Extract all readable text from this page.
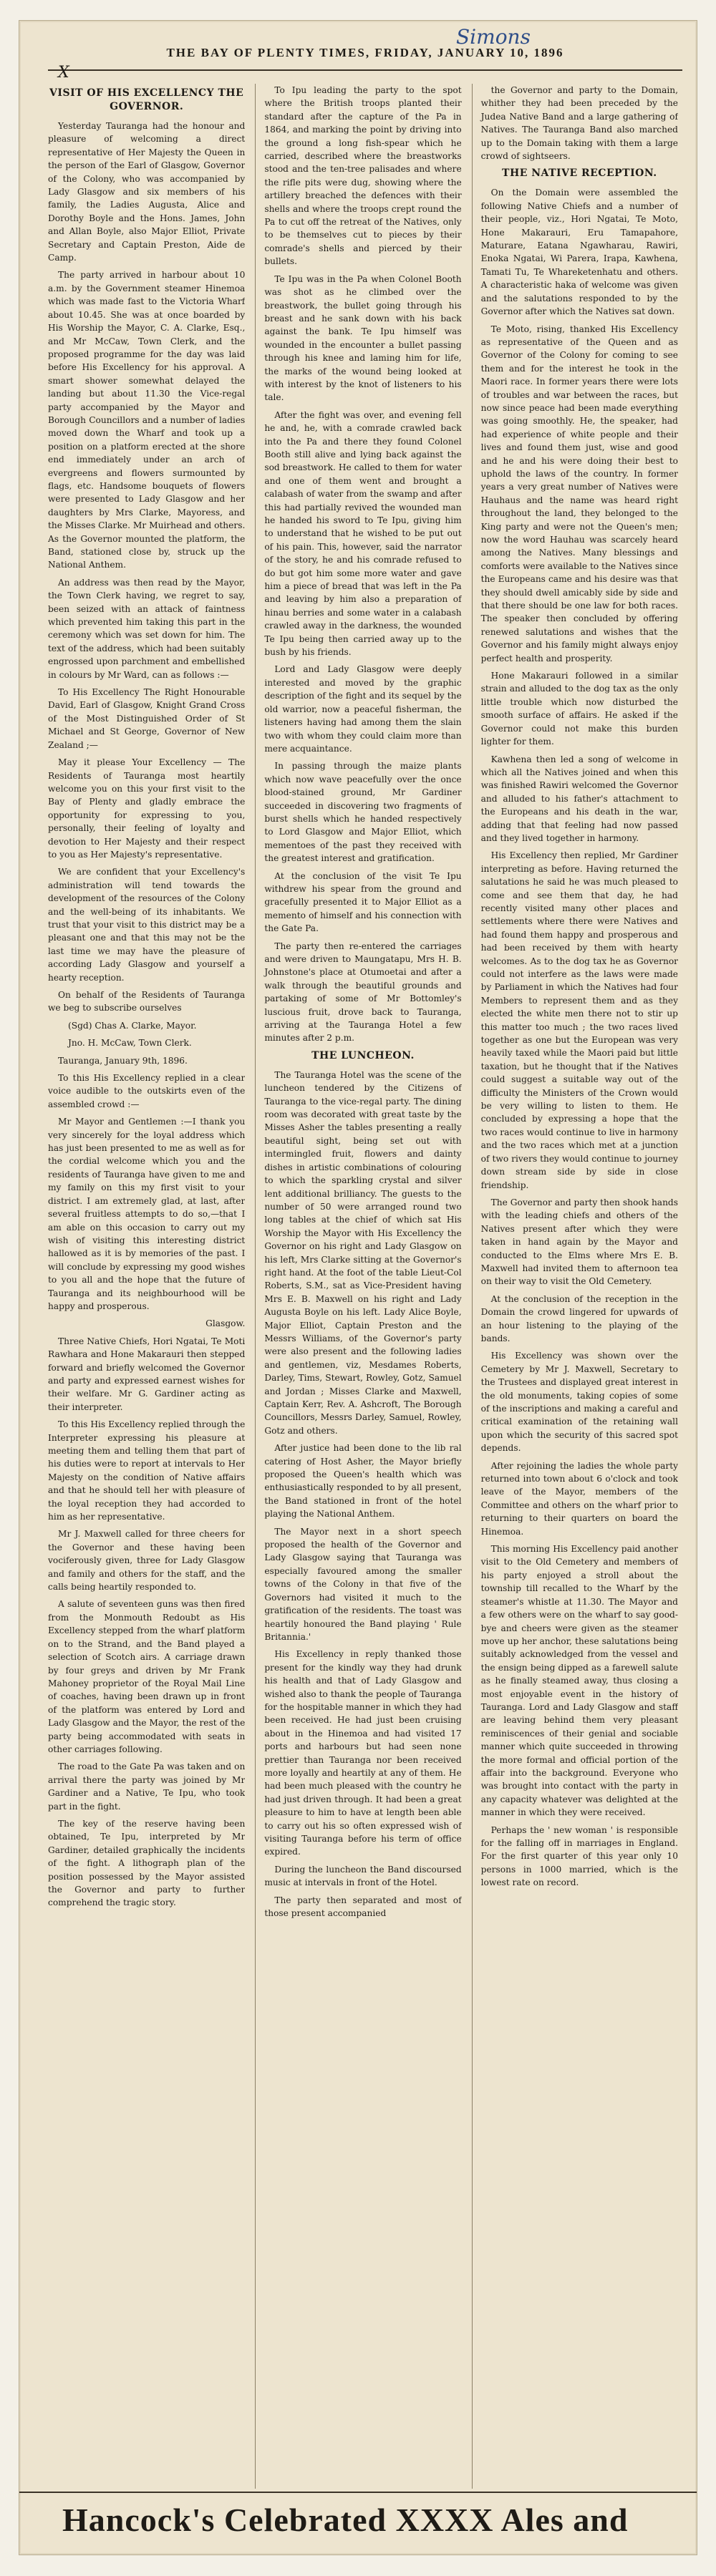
Simons
THE BAY OF PLENTY TIMES, FRIDAY, JANUARY 10, 1896
X
VISIT OF HIS EXCELLENCY THE GOVERNOR.

Yesterday Tauranga had the honour and pleasure of welcoming a direct representative of Her Majesty the Queen in the person of the Earl of Glasgow, Governor of the Colony, who was accompanied by Lady Glasgow and six members of his family, the Ladies Augusta, Alice and Dorothy Boyle and the Hons. James, John and Allan Boyle, also Major Elliot, Private Secretary and Captain Preston, Aide de Camp.

The party arrived in harbour about 10 a.m. by the Government steamer Hinemoa which was made fast to the Victoria Wharf about 10.45. She was at once boarded by His Worship the Mayor, C. A. Clarke, Esq., and Mr McCaw, Town Clerk, and the proposed programme for the day was laid before His Excellency for his approval. A smart shower somewhat delayed the landing but about 11.30 the Vice-regal party accompanied by the Mayor and Borough Councillors and a number of ladies moved down the Wharf and took up a position on a platform erected at the shore end immediately under an arch of evergreens and flowers surmounted by flags, etc. Handsome bouquets of flowers were presented to Lady Glasgow and her daughters by Mrs Clarke, Mayoress, and the Misses Clarke. Mr Muirhead and others. As the Governor mounted the platform, the Band, stationed close by, struck up the National Anthem.

An address was then read by the Mayor, the Town Clerk having, we regret to say, been seized with an attack of faintness which prevented him taking this part in the ceremony which was set down for him. The text of the address, which had been suitably engrossed upon parchment and embellished in colours by Mr Ward, can as follows :—

To His Excellency The Right Honourable David, Earl of Glasgow, Knight Grand Cross of the Most Distinguished Order of St Michael and St George, Governor of New Zealand ;—

May it please Your Excellency — The Residents of Tauranga most heartily welcome you on this your first visit to the Bay of Plenty and gladly embrace the opportunity for expressing to you, personally, their feeling of loyalty and devotion to Her Majesty and their respect to you as Her Majesty's representative.

We are confident that your Excellency's administration will tend towards the development of the resources of the Colony and the well-being of its inhabitants. We trust that your visit to this district may be a pleasant one and that this may not be the last time we may have the pleasure of according Lady Glasgow and yourself a hearty reception.

On behalf of the Residents of Tauranga we beg to subscribe ourselves

(Sgd) Chas A. Clarke, Mayor.

Jno. H. McCaw, Town Clerk.

Tauranga, January 9th, 1896.

To this His Excellency replied in a clear voice audible to the outskirts even of the assembled crowd :—

Mr Mayor and Gentlemen :—I thank you very sincerely for the loyal address which has just been presented to me as well as for the cordial welcome which you and the residents of Tauranga have given to me and my family on this my first visit to your district. I am extremely glad, at last, after several fruitless attempts to do so,—that I am able on this occasion to carry out my wish of visiting this interesting district hallowed as it is by memories of the past. I will conclude by expressing my good wishes to you all and the hope that the future of Tauranga and its neighbourhood will be happy and prosperous.

Glasgow.

Three Native Chiefs, Hori Ngatai, Te Moti Rawhara and Hone Makarauri then stepped forward and briefly welcomed the Governor and party and expressed earnest wishes for their welfare. Mr G. Gardiner acting as their interpreter.

To this His Excellency replied through the Interpreter expressing his pleasure at meeting them and telling them that part of his duties were to report at intervals to Her Majesty on the condition of Native affairs and that he should tell her with pleasure of the loyal reception they had accorded to him as her representative.

Mr J. Maxwell called for three cheers for the Governor and these having been vociferously given, three for Lady Glasgow and family and others for the staff, and the calls being heartily responded to.

A salute of seventeen guns was then fired from the Monmouth Redoubt as His Excellency stepped from the wharf platform on to the Strand, and the Band played a selection of Scotch airs. A carriage drawn by four greys and driven by Mr Frank Mahoney proprietor of the Royal Mail Line of coaches, having been drawn up in front of the platform was entered by Lord and Lady Glasgow and the Mayor, the rest of the party being accommodated with seats in other carriages following.

The road to the Gate Pa was taken and on arrival there the party was joined by Mr Gardiner and a Native, Te Ipu, who took part in the fight.

The key of the reserve having been obtained, Te Ipu, interpreted by Mr Gardiner, detailed graphically the incidents of the fight. A lithograph plan of the position possessed by the Mayor assisted the Governor and party to further comprehend the tragic story.

To Ipu leading the party to the spot where the British troops planted their standard after the capture of the Pa in 1864, and marking the point by driving into the ground a long fish-spear which he carried, described where the breastworks stood and the ten-tree palisades and where the rifle pits were dug, showing where the artillery breached the defences with their shells and where the troops crept round the Pa to cut off the retreat of the Natives, only to be themselves cut to pieces by their comrade's shells and pierced by their bullets.

Te Ipu was in the Pa when Colonel Booth was shot as he climbed over the breastwork, the bullet going through his breast and he sank down with his back against the bank. Te Ipu himself was wounded in the encounter a bullet passing through his knee and laming him for life, the marks of the wound being looked at with interest by the knot of listeners to his tale.

After the fight was over, and evening fell he and, he, with a comrade crawled back into the Pa and there they found Colonel Booth still alive and lying back against the sod breastwork. He called to them for water and one of them went and brought a calabash of water from the swamp and after this had partially revived the wounded man he handed his sword to Te Ipu, giving him to understand that he wished to be put out of his pain. This, however, said the narrator of the story, he and his comrade refused to do but got him some more water and gave him a piece of bread that was left in the Pa and leaving by him also a preparation of hinau berries and some water in a calabash crawled away in the darkness, the wounded Te Ipu being then carried away up to the bush by his friends.

Lord and Lady Glasgow were deeply interested and moved by the graphic description of the fight and its sequel by the old warrior, now a peaceful fisherman, the listeners having had among them the slain two with whom they could claim more than mere acquaintance.

In passing through the maize plants which now wave peacefully over the once blood-stained ground, Mr Gardiner succeeded in discovering two fragments of burst shells which he handed respectively to Lord Glasgow and Major Elliot, which mementoes of the past they received with the greatest interest and gratification.

At the conclusion of the visit Te Ipu withdrew his spear from the ground and gracefully presented it to Major Elliot as a memento of himself and his connection with the Gate Pa.

The party then re-entered the carriages and were driven to Maungatapu, Mrs H. B. Johnstone's place at Otumoetai and after a walk through the beautiful grounds and partaking of some of Mr Bottomley's luscious fruit, drove back to Tauranga, arriving at the Tauranga Hotel a few minutes after 2 p.m.

THE LUNCHEON.

The Tauranga Hotel was the scene of the luncheon tendered by the Citizens of Tauranga to the vice-regal party. The dining room was decorated with great taste by the Misses Asher the tables presenting a really beautiful sight, being set out with intermingled fruit, flowers and dainty dishes in artistic combinations of colouring to which the sparkling crystal and silver lent additional brilliancy. The guests to the number of 50 were arranged round two long tables at the chief of which sat His Worship the Mayor with His Excellency the Governor on his right and Lady Glasgow on his left, Mrs Clarke sitting at the Governor's right hand. At the foot of the table Lieut-Col Roberts, S.M., sat as Vice-President having Mrs E. B. Maxwell on his right and Lady Augusta Boyle on his left. Lady Alice Boyle, Major Elliot, Captain Preston and the Messrs Williams, of the Governor's party were also present and the following ladies and gentlemen, viz, Mesdames Roberts, Darley, Tims, Stewart, Rowley, Gotz, Samuel and Jordan ; Misses Clarke and Maxwell, Captain Kerr, Rev. A. Ashcroft, The Borough Councillors, Messrs Darley, Samuel, Rowley, Gotz and others.

After justice had been done to the lib ral catering of Host Asher, the Mayor briefly proposed the Queen's health which was enthusiastically responded to by all present, the Band stationed in front of the hotel playing the National Anthem.

The Mayor next in a short speech proposed the health of the Governor and Lady Glasgow saying that Tauranga was especially favoured among the smaller towns of the Colony in that five of the Governors had visited it much to the gratification of the residents. The toast was heartily honoured the Band playing ' Rule Britannia.'

His Excellency in reply thanked those present for the kindly way they had drunk his health and that of Lady Glasgow and wished also to thank the people of Tauranga for the hospitable manner in which they had been received. He had just been cruising about in the Hinemoa and had visited 17 ports and harbours but had seen none prettier than Tauranga nor been received more loyally and heartily at any of them. He had been much pleased with the country he had just driven through. It had been a great pleasure to him to have at length been able to carry out his so often expressed wish of visiting Tauranga before his term of office expired.

During the luncheon the Band discoursed music at intervals in front of the Hotel.

The party then separated and most of those present accompanied

the Governor and party to the Domain, whither they had been preceded by the Judea Native Band and a large gathering of Natives. The Tauranga Band also marched up to the Domain taking with them a large crowd of sightseers.

THE NATIVE RECEPTION.

On the Domain were assembled the following Native Chiefs and a number of their people, viz., Hori Ngatai, Te Moto, Hone Makarauri, Eru Tamapahore, Maturare, Eatana Ngawharau, Rawiri, Enoka Ngatai, Wi Parera, Irapa, Kawhena, Tamati Tu, Te Whareketenhatu and others. A characteristic haka of welcome was given and the salutations responded to by the Governor after which the Natives sat down.

Te Moto, rising, thanked His Excellency as representative of the Queen and as Governor of the Colony for coming to see them and for the interest he took in the Maori race. In former years there were lots of troubles and war between the races, but now since peace had been made everything was going smoothly. He, the speaker, had had experience of white people and their lives and found them just, wise and good and he and his were doing their best to uphold the laws of the country. In former years a very great number of Natives were Hauhaus and the name was heard right throughout the land, they belonged to the King party and were not the Queen's men; now the word Hauhau was scarcely heard among the Natives. Many blessings and comforts were available to the Natives since the Europeans came and his desire was that they should dwell amicably side by side and that there should be one law for both races. The speaker then concluded by offering renewed salutations and wishes that the Governor and his family might always enjoy perfect health and prosperity.

Hone Makarauri followed in a similar strain and alluded to the dog tax as the only little trouble which now disturbed the smooth surface of affairs. He asked if the Governor could not make this burden lighter for them.

Kawhena then led a song of welcome in which all the Natives joined and when this was finished Rawiri welcomed the Governor and alluded to his father's attachment to the Europeans and his death in the war, adding that that feeling had now passed and they lived together in harmony.

His Excellency then replied, Mr Gardiner interpreting as before. Having returned the salutations he said he was much pleased to come and see them that day, he had recently visited many other places and settlements where there were Natives and had found them happy and prosperous and had been received by them with hearty welcomes. As to the dog tax he as Governor could not interfere as the laws were made by Parliament in which the Natives had four Members to represent them and as they elected the white men there not to stir up this matter too much ; the two races lived together as one but the European was very heavily taxed while the Maori paid but little taxation, but he thought that if the Natives could suggest a suitable way out of the difficulty the Ministers of the Crown would be very willing to listen to them. He concluded by expressing a hope that the two races would continue to live in harmony and the two races which met at a junction of two rivers they would continue to journey down stream side by side in close friendship.

The Governor and party then shook hands with the leading chiefs and others of the Natives present after which they were taken in hand again by the Mayor and conducted to the Elms where Mrs E. B. Maxwell had invited them to afternoon tea on their way to visit the Old Cemetery.

At the conclusion of the reception in the Domain the crowd lingered for upwards of an hour listening to the playing of the bands.

His Excellency was shown over the Cemetery by Mr J. Maxwell, Secretary to the Trustees and displayed great interest in the old monuments, taking copies of some of the inscriptions and making a careful and critical examination of the retaining wall upon which the security of this sacred spot depends.

After rejoining the ladies the whole party returned into town about 6 o'clock and took leave of the Mayor, members of the Committee and others on the wharf prior to returning to their quarters on board the Hinemoa.

This morning His Excellency paid another visit to the Old Cemetery and members of his party enjoyed a stroll about the township till recalled to the Wharf by the steamer's whistle at 11.30. The Mayor and a few others were on the wharf to say good-bye and cheers were given as the steamer move up her anchor, these salutations being suitably acknowledged from the vessel and the ensign being dipped as a farewell salute as he finally steamed away, thus closing a most enjoyable event in the history of Tauranga. Lord and Lady Glasgow and staff are leaving behind them very pleasant reminiscences of their genial and sociable manner which quite succeeded in throwing the more formal and official portion of the affair into the background. Everyone who was brought into contact with the party in any capacity whatever was delighted at the manner in which they were received.

Perhaps the ' new woman ' is responsible for the falling off in marriages in England. For the first quarter of this year only 10 persons in 1000 married, which is the lowest rate on record.

Hancock's Celebrated XXXX Ales and
